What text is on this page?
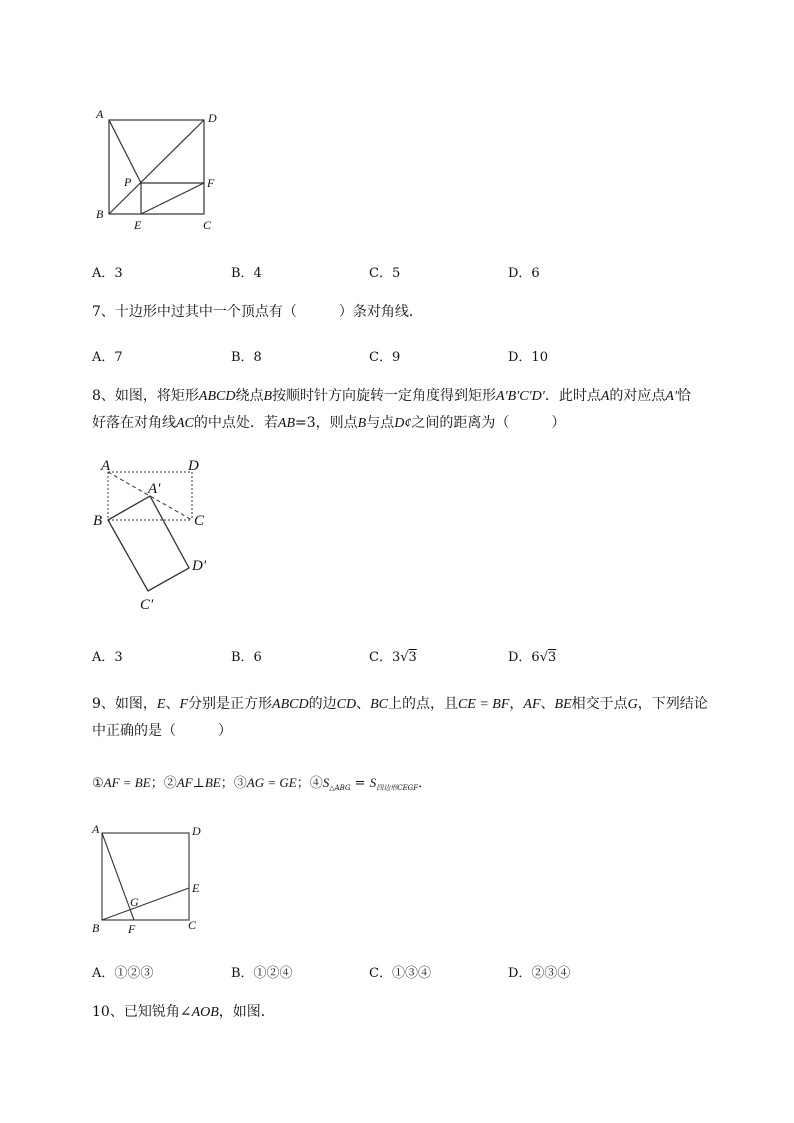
A	D
P	F
B
E	C
A．3	B．4	C．5	D．6
7、十边形中过其中一个顶点有（　　　）条对角线．
A．7	B．8	C．9	D．10
8、如图，将矩形ABCD绕点B按顺时针方向旋转一定角度得到矩形A′B′C′D′．此时点A的对应点A′恰
好落在对角线AC的中点处．若AB=3，则点B与点D¢之间的距离为（　　　）
A	D
A′
B	C
D′
C′
A．3	B．6	C．3√3	D．6√3
9、如图，E、F分别是正方形ABCD的边CD、BC上的点，且CE = BF，AF、BE相交于点G，下列结论
中正确的是（　　　）
①AF = BE；②AF⊥BE；③AG = GE；$④S_{\triangle ABG} = S_{四边形CEGF}$．
A	D
E
G
B F	C
A．①②③	B．①②④	C．①③④	D．②③④
10、已知锐角∠AOB，如图．
